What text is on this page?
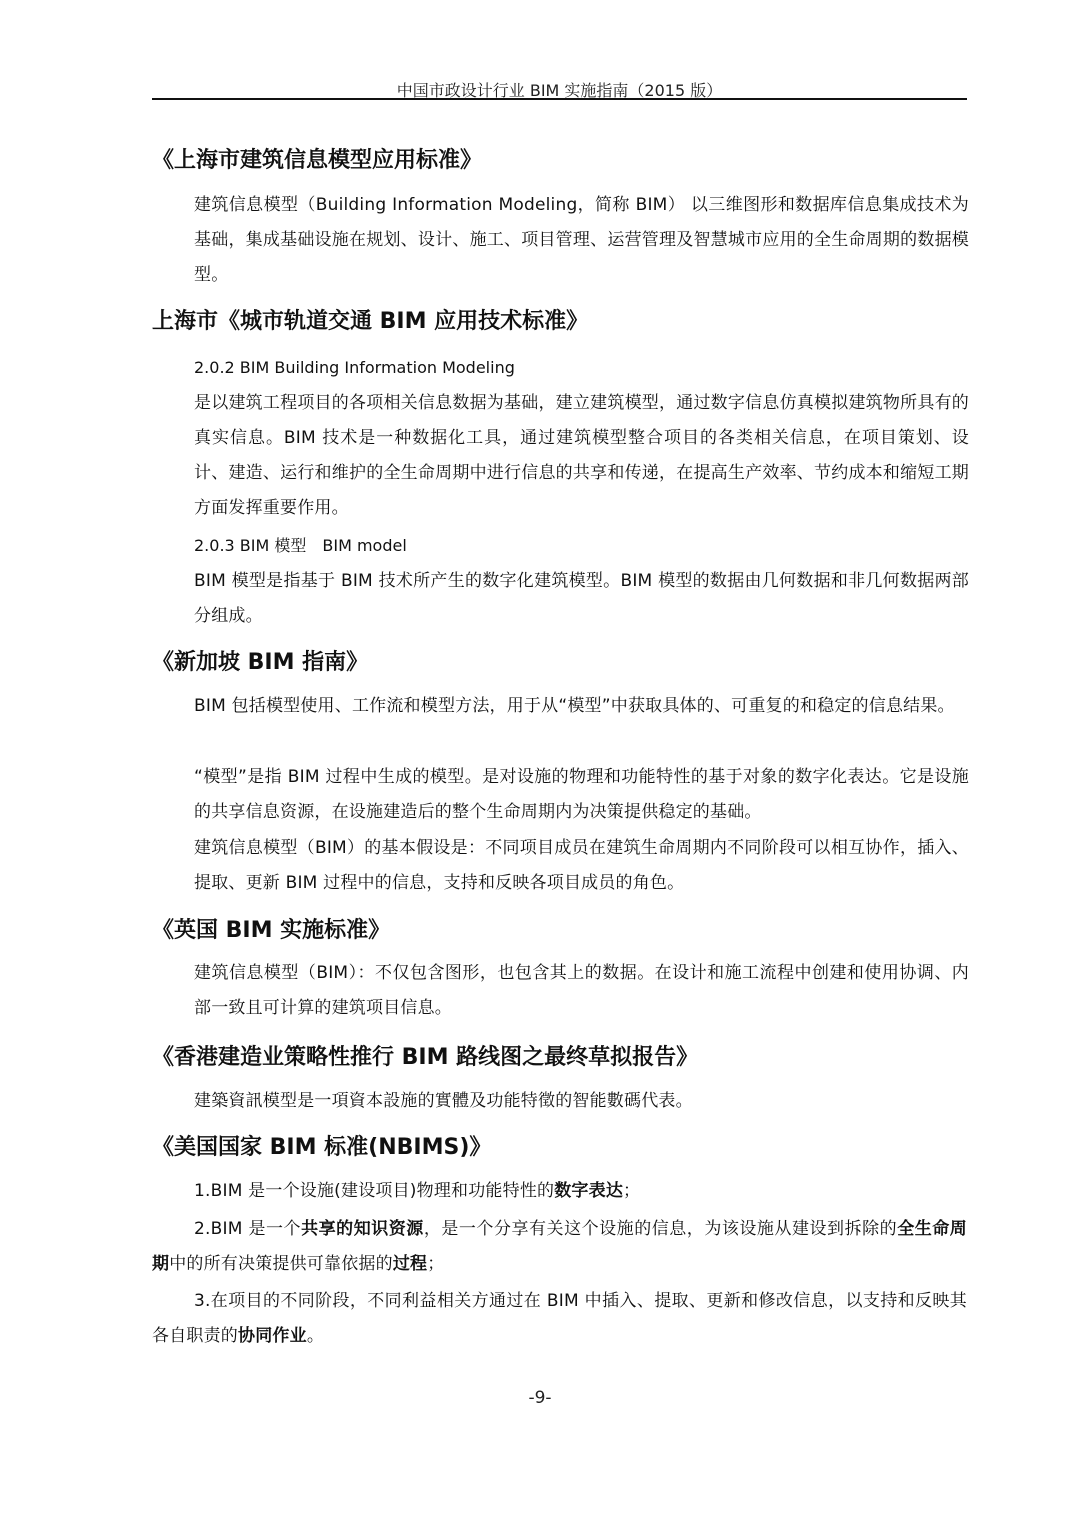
中国市政设计行业 BIM 实施指南（2015 版）
《上海市建筑信息模型应用标准》

建筑信息模型（Building Information Modeling，简称 BIM） 以三维图形和数据库信息集成技术为基础，集成基础设施在规划、设计、施工、项目管理、运营管理及智慧城市应用的全生命周期的数据模型。

上海市《城市轨道交通 BIM 应用技术标准》

2.0.2 BIM Building Information Modeling

是以建筑工程项目的各项相关信息数据为基础，建立建筑模型，通过数字信息仿真模拟建筑物所具有的真实信息。BIM 技术是一种数据化工具，通过建筑模型整合项目的各类相关信息，在项目策划、设计、建造、运行和维护的全生命周期中进行信息的共享和传递，在提高生产效率、节约成本和缩短工期方面发挥重要作用。

2.0.3 BIM 模型　BIM model

BIM 模型是指基于 BIM 技术所产生的数字化建筑模型。BIM 模型的数据由几何数据和非几何数据两部分组成。

《新加坡 BIM 指南》

BIM 包括模型使用、工作流和模型方法，用于从“模型”中获取具体的、可重复的和稳定的信息结果。

“模型”是指 BIM 过程中生成的模型。是对设施的物理和功能特性的基于对象的数字化表达。它是设施的共享信息资源，在设施建造后的整个生命周期内为决策提供稳定的基础。

建筑信息模型（BIM）的基本假设是：不同项目成员在建筑生命周期内不同阶段可以相互协作，插入、提取、更新 BIM 过程中的信息，支持和反映各项目成员的角色。

《英国 BIM 实施标准》

建筑信息模型（BIM）：不仅包含图形，也包含其上的数据。在设计和施工流程中创建和使用协调、内部一致且可计算的建筑项目信息。

《香港建造业策略性推行 BIM 路线图之最终草拟报告》

建築資訊模型是一項資本設施的實體及功能特徵的智能數碼代表。

《美国国家 BIM 标准(NBIMS)》

1.BIM 是一个设施(建设项目)物理和功能特性的数字表达；

2.BIM 是一个共享的知识资源，是一个分享有关这个设施的信息，为该设施从建设到拆除的全生命周期中的所有决策提供可靠依据的过程；

3.在项目的不同阶段，不同利益相关方通过在 BIM 中插入、提取、更新和修改信息，以支持和反映其各自职责的协同作业。

-9-
